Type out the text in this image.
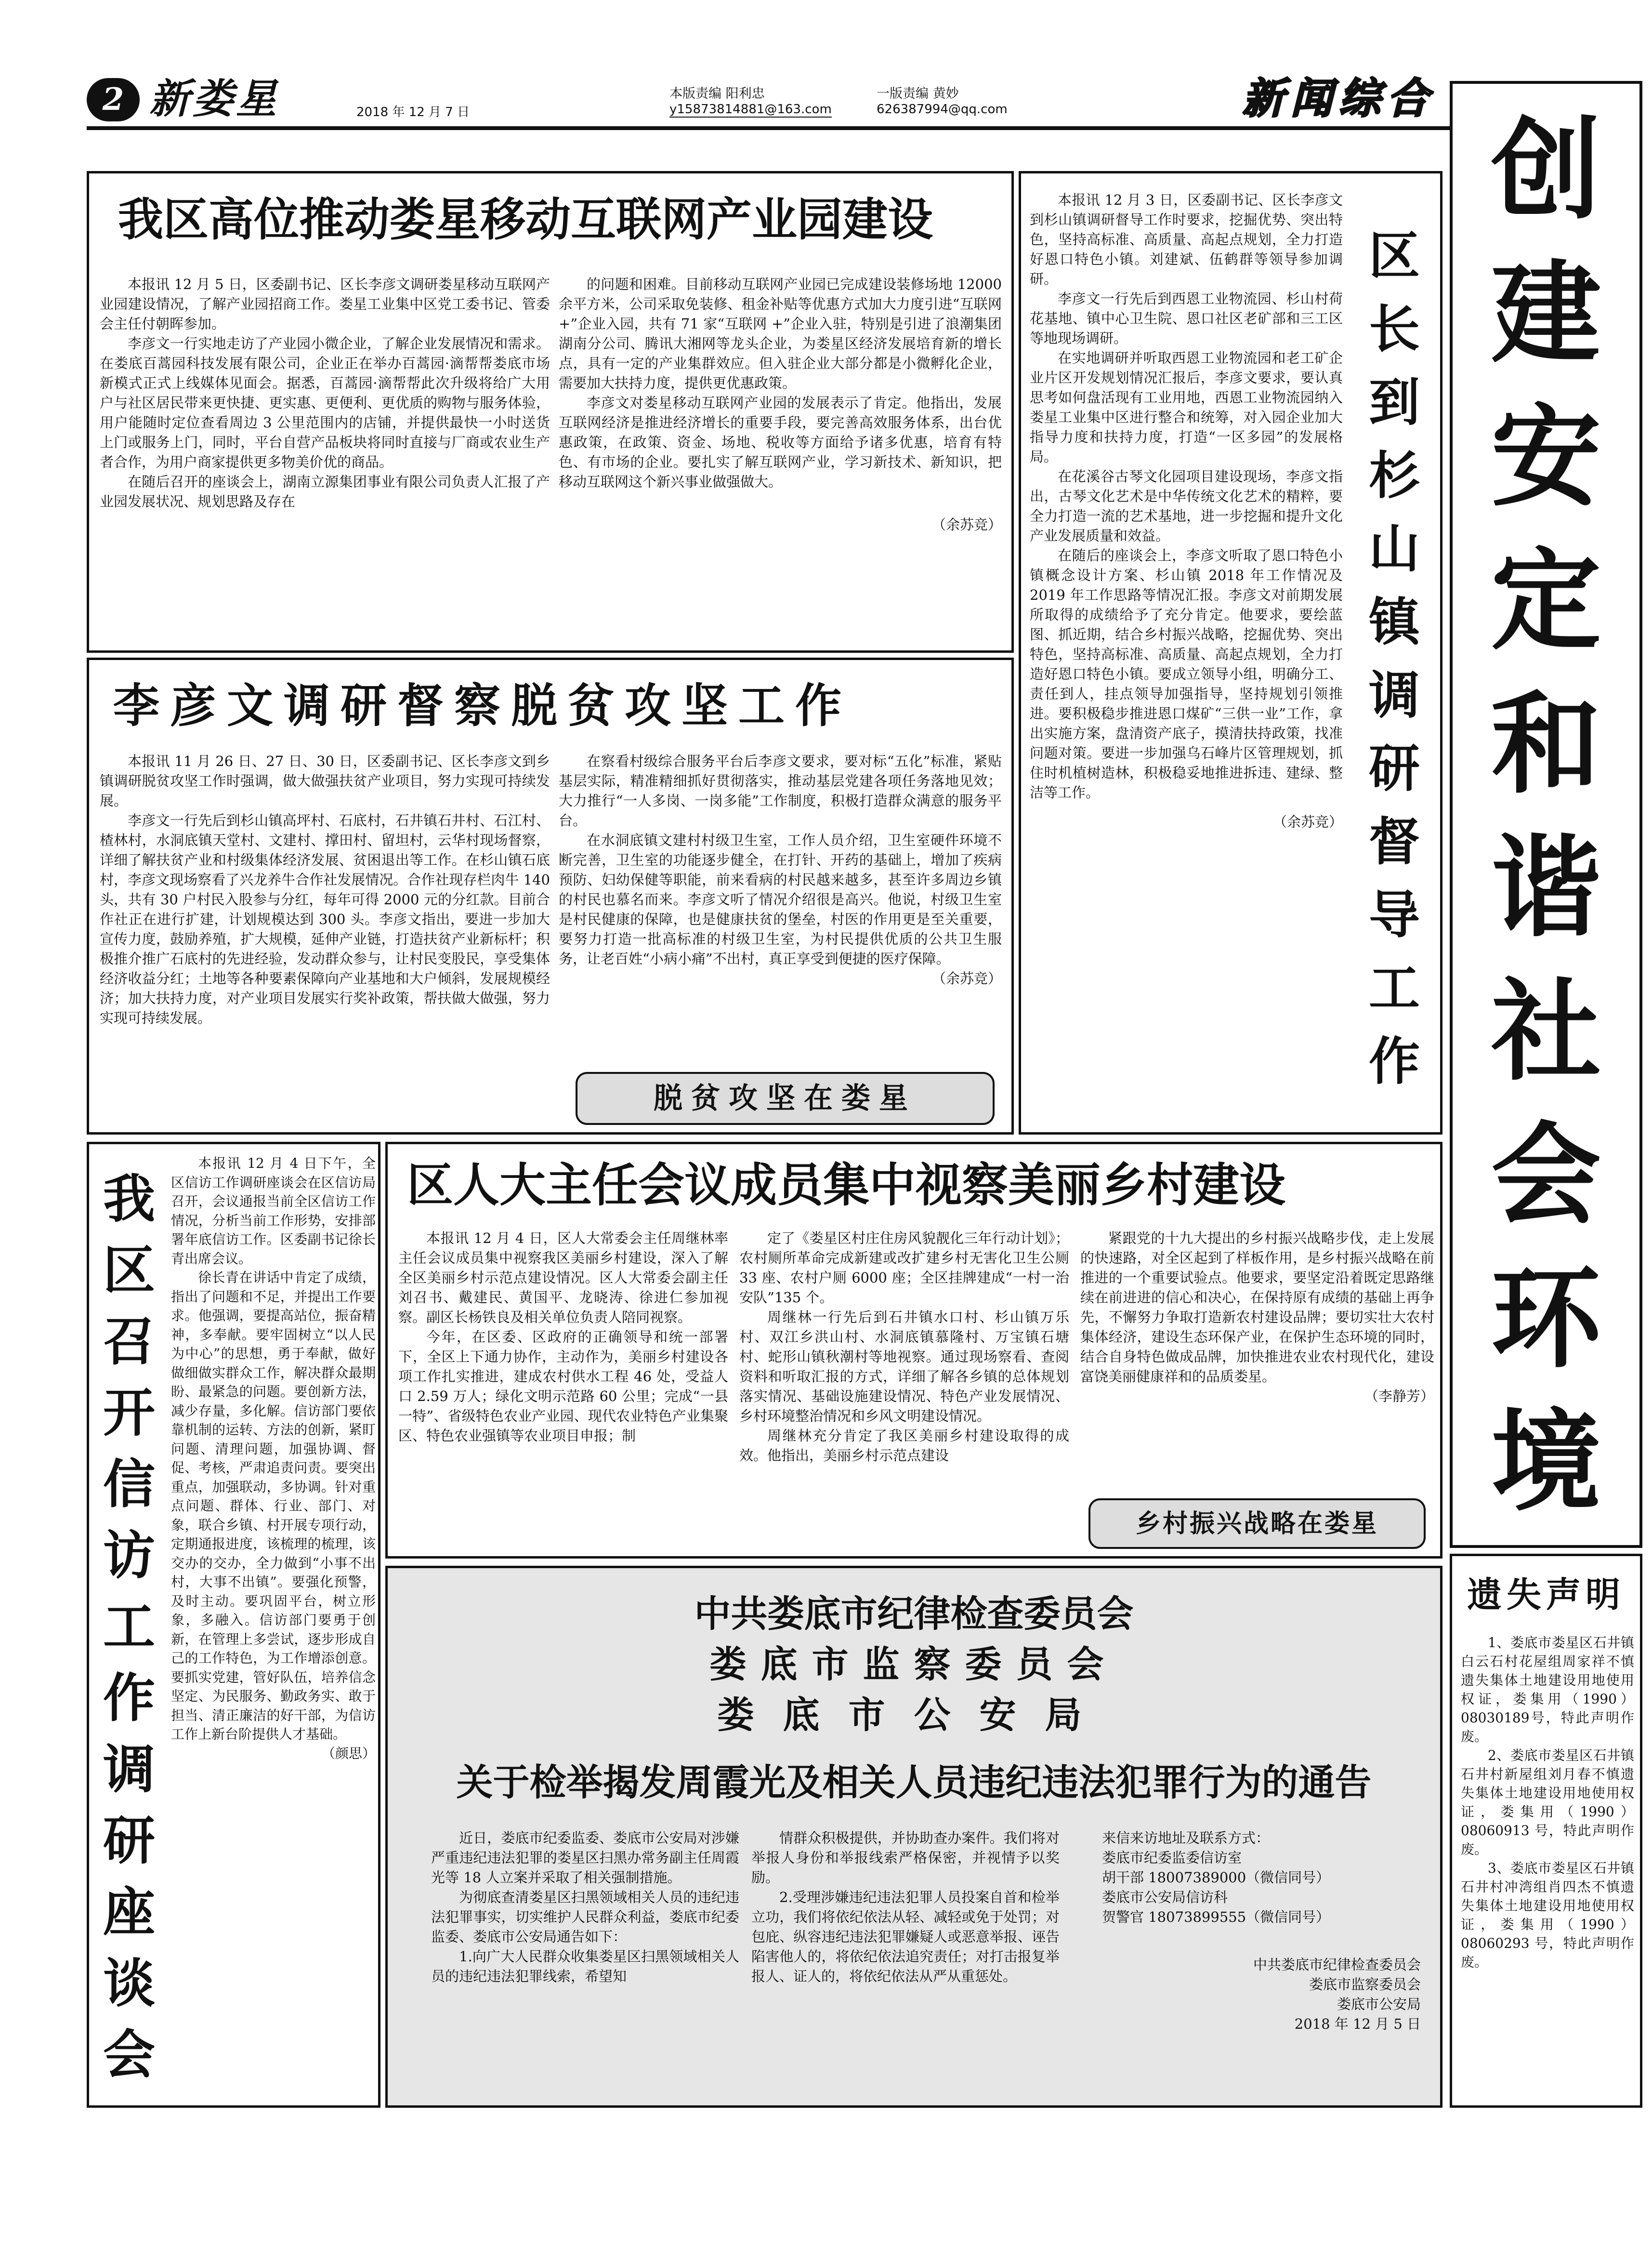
2 新娄星	2018 年 12 月 7 日
本版责编 阳利忠
y15873814881@163.com
一版责编 黄妙
626387994@qq.com	新闻综合
创
建
安
定
和
谐
社
会
环
境
我区高位推动娄星移动互联网产业园建设

本报讯 12 月 5 日，区委副书记、区长李彦文调研娄星移动互联网产业园建设情况，了解产业园招商工作。娄星工业集中区党工委书记、管委会主任付朝晖参加。

李彦文一行实地走访了产业园小微企业，了解企业发展情况和需求。在娄底百蒿园科技发展有限公司，企业正在举办百蒿园·滴帮帮娄底市场新模式正式上线媒体见面会。据悉，百蒿园·滴帮帮此次升级将给广大用户与社区居民带来更快捷、更实惠、更便利、更优质的购物与服务体验，用户能随时定位查看周边 3 公里范围内的店铺，并提供最快一小时送货上门或服务上门，同时，平台自营产品板块将同时直接与厂商或农业生产者合作，为用户商家提供更多物美价优的商品。

在随后召开的座谈会上，湖南立源集团事业有限公司负责人汇报了产业园发展状况、规划思路及存在

的问题和困难。目前移动互联网产业园已完成建设装修场地 12000 余平方米，公司采取免装修、租金补贴等优惠方式加大力度引进“互联网 +”企业入园，共有 71 家“互联网 +”企业入驻，特别是引进了浪潮集团湖南分公司、腾讯大湘网等龙头企业，为娄星区经济发展培育新的增长点，具有一定的产业集群效应。但入驻企业大部分都是小微孵化企业，需要加大扶持力度，提供更优惠政策。

李彦文对娄星移动互联网产业园的发展表示了肯定。他指出，发展互联网经济是推进经济增长的重要手段，要完善高效服务体系，出台优惠政策，在政策、资金、场地、税收等方面给予诸多优惠，培育有特色、有市场的企业。要扎实了解互联网产业，学习新技术、新知识，把移动互联网这个新兴事业做强做大。

（余苏竞）

本报讯 12 月 3 日，区委副书记、区长李彦文到杉山镇调研督导工作时要求，挖掘优势、突出特色，坚持高标准、高质量、高起点规划，全力打造好恩口特色小镇。刘建斌、伍鹤群等领导参加调研。

李彦文一行先后到西恩工业物流园、杉山村荷花基地、镇中心卫生院、恩口社区老矿部和三工区等地现场调研。

在实地调研并听取西恩工业物流园和老工矿企业片区开发规划情况汇报后，李彦文要求，要认真思考如何盘活现有工业用地，西恩工业物流园纳入娄星工业集中区进行整合和统筹，对入园企业加大指导力度和扶持力度，打造“一区多园”的发展格局。

在花溪谷古琴文化园项目建设现场，李彦文指出，古琴文化艺术是中华传统文化艺术的精粹，要全力打造一流的艺术基地，进一步挖掘和提升文化产业发展质量和效益。

在随后的座谈会上，李彦文听取了恩口特色小镇概念设计方案、杉山镇 2018 年工作情况及 2019 年工作思路等情况汇报。李彦文对前期发展所取得的成绩给予了充分肯定。他要求，要绘蓝图、抓近期，结合乡村振兴战略，挖掘优势、突出特色，坚持高标准、高质量、高起点规划，全力打造好恩口特色小镇。要成立领导小组，明确分工、责任到人，挂点领导加强指导，坚持规划引领推进。要积极稳步推进恩口煤矿“三供一业”工作，拿出实施方案，盘清资产底子，摸清扶持政策，找准问题对策。要进一步加强乌石峰片区管理规划，抓住时机植树造林，积极稳妥地推进拆违、建绿、整洁等工作。

（余苏竞）

区长到杉山镇调研督导工作
李彦文调研督察脱贫攻坚工作

本报讯 11 月 26 日、27 日、30 日，区委副书记、区长李彦文到乡镇调研脱贫攻坚工作时强调，做大做强扶贫产业项目，努力实现可持续发展。

李彦文一行先后到杉山镇高坪村、石底村，石井镇石井村、石江村、楂林村，水洞底镇天堂村、文建村、撑田村、留坦村，云华村现场督察，详细了解扶贫产业和村级集体经济发展、贫困退出等工作。在杉山镇石底村，李彦文现场察看了兴龙养牛合作社发展情况。合作社现存栏肉牛 140 头，共有 30 户村民入股参与分红，每年可得 2000 元的分红款。目前合作社正在进行扩建，计划规模达到 300 头。李彦文指出，要进一步加大宣传力度，鼓励养殖，扩大规模，延伸产业链，打造扶贫产业新标杆；积极推介推广石底村的先进经验，发动群众参与，让村民变股民，享受集体经济收益分红；土地等各种要素保障向产业基地和大户倾斜，发展规模经济；加大扶持力度，对产业项目发展实行奖补政策，帮扶做大做强，努力实现可持续发展。

在察看村级综合服务平台后李彦文要求，要对标“五化”标准，紧贴基层实际，精准精细抓好贯彻落实，推动基层党建各项任务落地见效；大力推行“一人多岗、一岗多能”工作制度，积极打造群众满意的服务平台。

在水洞底镇文建村村级卫生室，工作人员介绍，卫生室硬件环境不断完善，卫生室的功能逐步健全，在打针、开药的基础上，增加了疾病预防、妇幼保健等职能，前来看病的村民越来越多，甚至许多周边乡镇的村民也慕名而来。李彦文听了情况介绍很是高兴。他说，村级卫生室是村民健康的保障，也是健康扶贫的堡垒，村医的作用更是至关重要，要努力打造一批高标准的村级卫生室，为村民提供优质的公共卫生服务，让老百姓“小病小痛”不出村，真正享受到便捷的医疗保障。

（余苏竞）

脱贫攻坚在娄星
我区召开信访工作调研座谈会

本报讯 12 月 4 日下午，全区信访工作调研座谈会在区信访局召开，会议通报当前全区信访工作情况，分析当前工作形势，安排部署年底信访工作。区委副书记徐长青出席会议。

徐长青在讲话中肯定了成绩，指出了问题和不足，并提出工作要求。他强调，要提高站位，振奋精神，多奉献。要牢固树立“以人民为中心”的思想，勇于奉献，做好做细做实群众工作，解决群众最期盼、最紧急的问题。要创新方法，减少存量，多化解。信访部门要依靠机制的运转、方法的创新，紧盯问题、清理问题，加强协调、督促、考核，严肃追责问责。要突出重点，加强联动，多协调。针对重点问题、群体、行业、部门、对象，联合乡镇、村开展专项行动，定期通报进度，该梳理的梳理，该交办的交办，全力做到“小事不出村，大事不出镇”。要强化预警，及时主动。要巩固平台，树立形象，多融入。信访部门要勇于创新，在管理上多尝试，逐步形成自己的工作特色，为工作增添创意。要抓实党建，管好队伍，培养信念坚定、为民服务、勤政务实、敢于担当、清正廉洁的好干部，为信访工作上新台阶提供人才基础。

（颜思）

区人大主任会议成员集中视察美丽乡村建设

本报讯 12 月 4 日，区人大常委会主任周继林率主任会议成员集中视察我区美丽乡村建设，深入了解全区美丽乡村示范点建设情况。区人大常委会副主任刘召书、戴建民、黄国平、龙晓涛、徐进仁参加视察。副区长杨铁良及相关单位负责人陪同视察。

今年，在区委、区政府的正确领导和统一部署下，全区上下通力协作，主动作为，美丽乡村建设各项工作扎实推进，建成农村供水工程 46 处，受益人口 2.59 万人；绿化文明示范路 60 公里；完成“一县一特”、省级特色农业产业园、现代农业特色产业集聚区、特色农业强镇等农业项目申报；制

定了《娄星区村庄住房风貌靓化三年行动计划》；农村厕所革命完成新建或改扩建乡村无害化卫生公厕 33 座、农村户厕 6000 座；全区挂牌建成“一村一治安队”135 个。

周继林一行先后到石井镇水口村、杉山镇万乐村、双江乡洪山村、水洞底镇慕隆村、万宝镇石塘村、蛇形山镇秋潮村等地视察。通过现场察看、查阅资料和听取汇报的方式，详细了解各乡镇的总体规划落实情况、基础设施建设情况、特色产业发展情况、乡村环境整治情况和乡风文明建设情况。

周继林充分肯定了我区美丽乡村建设取得的成效。他指出，美丽乡村示范点建设

紧跟党的十九大提出的乡村振兴战略步伐，走上发展的快速路，对全区起到了样板作用，是乡村振兴战略在前推进的一个重要试验点。他要求，要坚定沿着既定思路继续在前进进的信心和决心，在保持原有成绩的基础上再争先，不懈努力争取打造新农村建设品牌；要切实壮大农村集体经济，建设生态环保产业，在保护生态环境的同时，结合自身特色做成品牌，加快推进农业农村现代化，建设富饶美丽健康祥和的品质娄星。

（李静芳）

乡村振兴战略在娄星
中共娄底市纪律检查委员会
娄底市监察委员会
娄底市公安局
关于检举揭发周霞光及相关人员违纪违法犯罪行为的通告

近日，娄底市纪委监委、娄底市公安局对涉嫌严重违纪违法犯罪的娄星区扫黑办常务副主任周霞光等 18 人立案并采取了相关强制措施。

为彻底查清娄星区扫黑领域相关人员的违纪违法犯罪事实，切实维护人民群众利益，娄底市纪委监委、娄底市公安局通告如下：

1.向广大人民群众收集娄星区扫黑领域相关人员的违纪违法犯罪线索，希望知

情群众积极提供，并协助查办案件。我们将对举报人身份和举报线索严格保密，并视情予以奖励。

2.受理涉嫌违纪违法犯罪人员投案自首和检举立功，我们将依纪依法从轻、减轻或免于处罚；对包庇、纵容违纪违法犯罪嫌疑人或恶意举报、诬告陷害他人的，将依纪依法追究责任；对打击报复举报人、证人的，将依纪依法从严从重惩处。

来信来访地址及联系方式：

娄底市纪委监委信访室
胡干部 18007389000（微信同号）
娄底市公安局信访科
贺警官 18073899555（微信同号）
中共娄底市纪律检查委员会
娄底市监察委员会
娄底市公安局
2018 年 12 月 5 日
遗失声明

1、娄底市娄星区石井镇白云石村花屋组周家祥不慎遗失集体土地建设用地使用权证，娄集用（1990）08030189号，特此声明作废。

2、娄底市娄星区石井镇石井村新屋组刘月春不慎遗失集体土地建设用地使用权证，娄集用（1990）08060913 号，特此声明作废。

3、娄底市娄星区石井镇石井村冲湾组肖四杰不慎遗失集体土地建设用地使用权证，娄集用（1990）08060293 号，特此声明作废。
